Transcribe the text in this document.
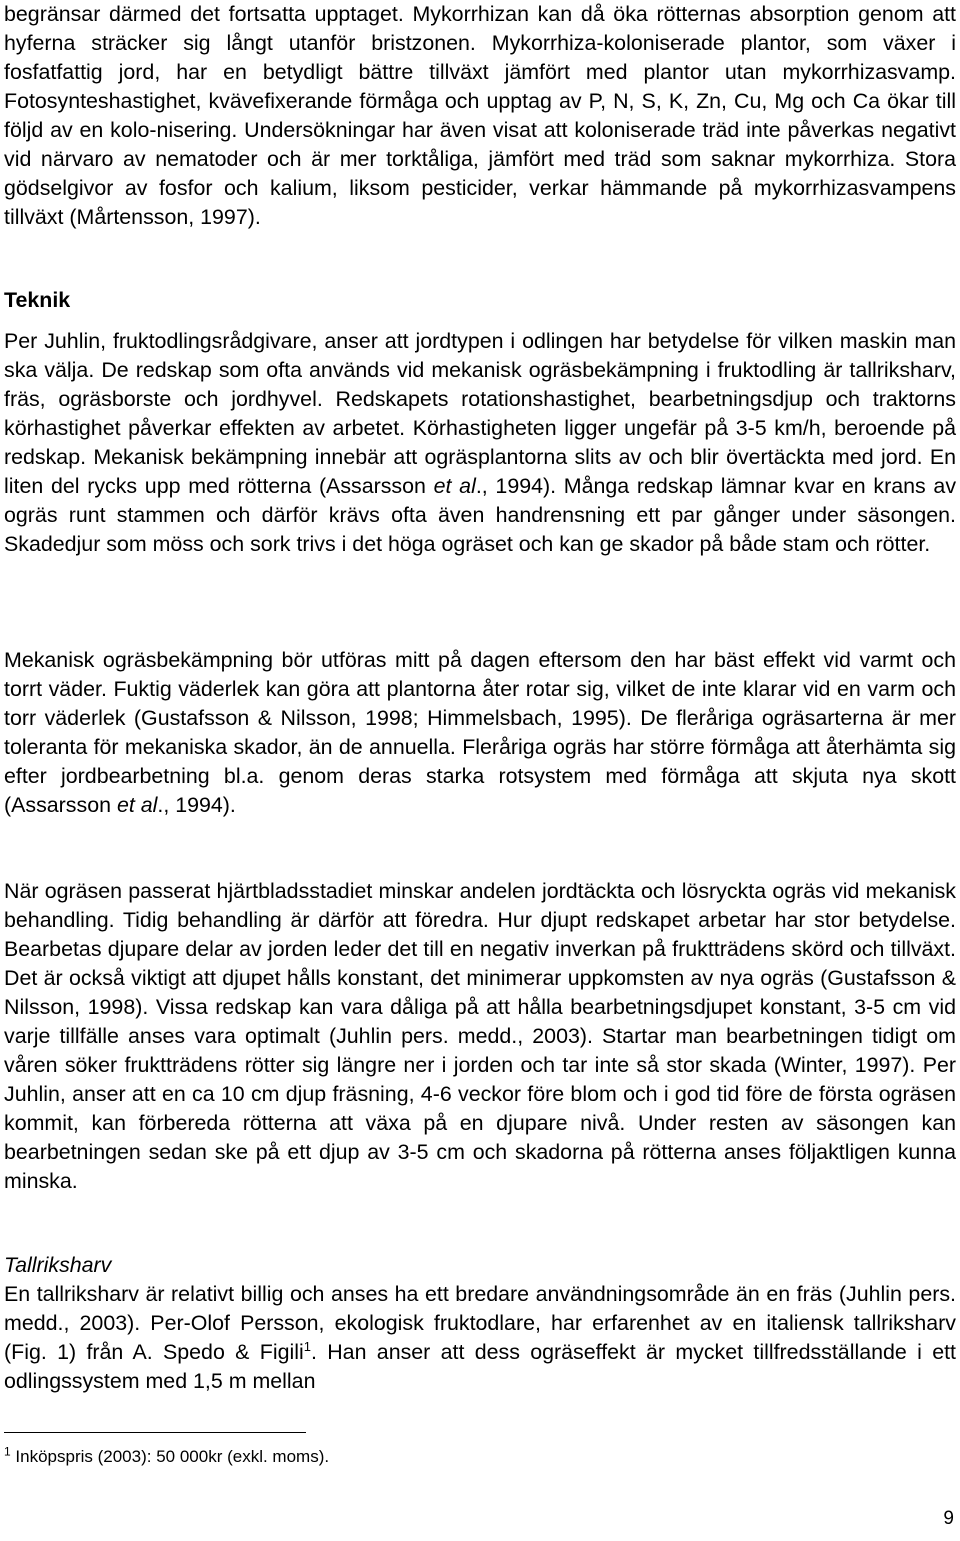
begränsar därmed det fortsatta upptaget. Mykorrhizan kan då öka rötternas absorption genom att hyferna sträcker sig långt utanför bristzonen. Mykorrhiza-koloniserade plantor, som växer i fosfatfattig jord, har en betydligt bättre tillväxt jämfört med plantor utan mykorrhizasvamp. Fotosynteshastighet, kvävefixerande förmåga och upptag av P, N, S, K, Zn, Cu, Mg och Ca ökar till följd av en kolo-nisering. Undersökningar har även visat att koloniserade träd inte påverkas negativt vid närvaro av nematoder och är mer torktåliga, jämfört med träd som saknar mykorrhiza. Stora gödselgivor av fosfor och kalium, liksom pesticider, verkar hämmande på mykorrhizasvampens tillväxt (Mårtensson, 1997).

Teknik

Per Juhlin, fruktodlingsrådgivare, anser att jordtypen i odlingen har betydelse för vilken maskin man ska välja. De redskap som ofta används vid mekanisk ogräsbekämpning i fruktodling är tallriksharv, fräs, ogräsborste och jordhyvel. Redskapets rotationshastighet, bearbetningsdjup och traktorns körhastighet påverkar effekten av arbetet. Körhastigheten ligger ungefär på 3-5 km/h, beroende på redskap. Mekanisk bekämpning innebär att ogräsplantorna slits av och blir övertäckta med jord. En liten del rycks upp med rötterna (Assarsson et al., 1994). Många redskap lämnar kvar en krans av ogräs runt stammen och därför krävs ofta även handrensning ett par gånger under säsongen. Skadedjur som möss och sork trivs i det höga ogräset och kan ge skador på både stam och rötter.

Mekanisk ogräsbekämpning bör utföras mitt på dagen eftersom den har bäst effekt vid varmt och torrt väder. Fuktig väderlek kan göra att plantorna åter rotar sig, vilket de inte klarar vid en varm och torr väderlek (Gustafsson & Nilsson, 1998; Himmelsbach, 1995). De fleråriga ogräsarterna är mer toleranta för mekaniska skador, än de annuella. Fleråriga ogräs har större förmåga att återhämta sig efter jordbearbetning bl.a. genom deras starka rotsystem med förmåga att skjuta nya skott (Assarsson et al., 1994).

När ogräsen passerat hjärtbladsstadiet minskar andelen jordtäckta och lösryckta ogräs vid mekanisk behandling. Tidig behandling är därför att föredra. Hur djupt redskapet arbetar har stor betydelse. Bearbetas djupare delar av jorden leder det till en negativ inverkan på fruktträdens skörd och tillväxt. Det är också viktigt att djupet hålls konstant, det minimerar uppkomsten av nya ogräs (Gustafsson & Nilsson, 1998). Vissa redskap kan vara dåliga på att hålla bearbetningsdjupet konstant, 3-5 cm vid varje tillfälle anses vara optimalt (Juhlin pers. medd., 2003). Startar man bearbetningen tidigt om våren söker fruktträdens rötter sig längre ner i jorden och tar inte så stor skada (Winter, 1997). Per Juhlin, anser att en ca 10 cm djup fräsning, 4-6 veckor före blom och i god tid före de första ogräsen kommit, kan förbereda rötterna att växa på en djupare nivå. Under resten av säsongen kan bearbetningen sedan ske på ett djup av 3-5 cm och skadorna på rötterna anses följaktligen kunna minska.

Tallriksharv

En tallriksharv är relativt billig och anses ha ett bredare användningsområde än en fräs (Juhlin pers. medd., 2003). Per-Olof Persson, ekologisk fruktodlare, har erfarenhet av en italiensk tallriksharv (Fig. 1) från A. Spedo & Figili$^1$. Han anser att dess ogräseffekt är mycket tillfredsställande i ett odlingssystem med 1,5 m mellan

$^1$ Inköpspris (2003): 50 000kr (exkl. moms).

9
